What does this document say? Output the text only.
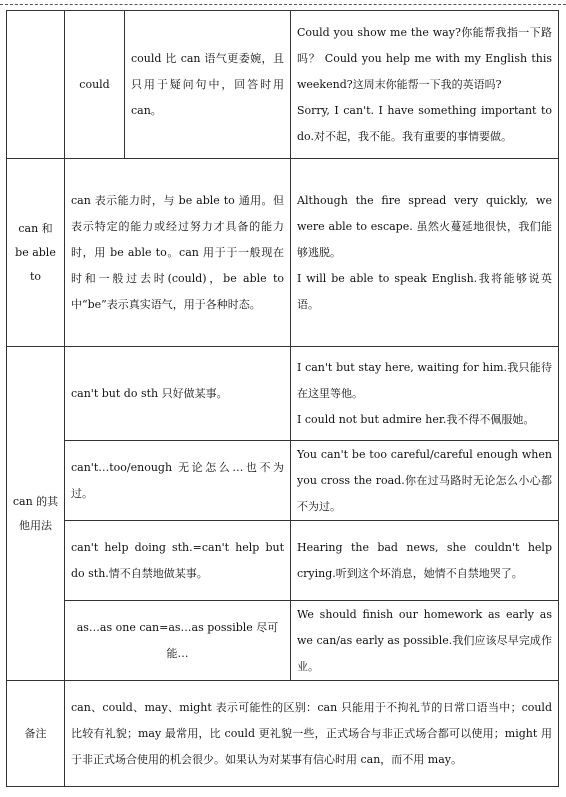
	could	could 比 can 语气更委婉，且只用于疑问句中，回答时用 can。	Could you show me the way?你能帮我指一下路吗？ Could you help me with my English this weekend?这周末你能帮一下我的英语吗?

Sorry, I can't. I have something important to do.对不起，我不能。我有重要的事情要做。

can 和 be able to	can 表示能力时，与 be able to 通用。但表示特定的能力或经过努力才具备的能力时，用 be able to。can 用于于一般现在时和一般过去时(could)，be able to 中“be”表示真实语气，用于各种时态。		Although the fire spread very quickly, we were able to escape. 虽然火蔓延地很快，我们能够逃脱。

I will be able to speak English.我将能够说英语。

can 的其他用法	can't but do sth 只好做某事。		I can't but stay here, waiting for him.我只能待在这里等他。

I could not but admire her.我不得不佩服她。

	can't…too/enough 无论怎么…也不为过。		You can't be too careful/careful enough when you cross the road.你在过马路时无论怎么小心都不为过。

	can't help doing sth.=can't help but do sth.情不自禁地做某事。		Hearing the bad news, she couldn't help crying.听到这个坏消息，她情不自禁地哭了。

	as…as one can=as…as possible 尽可能…		We should finish our homework as early as we can/as early as possible.我们应该尽早完成作业。

备注	can、could、may、might 表示可能性的区别：can 只能用于不拘礼节的日常口语当中；could 比较有礼貌；may 最常用，比 could 更礼貌一些，正式场合与非正式场合都可以使用；might 用于非正式场合使用的机会很少。如果认为对某事有信心时用 can，而不用 may。		
